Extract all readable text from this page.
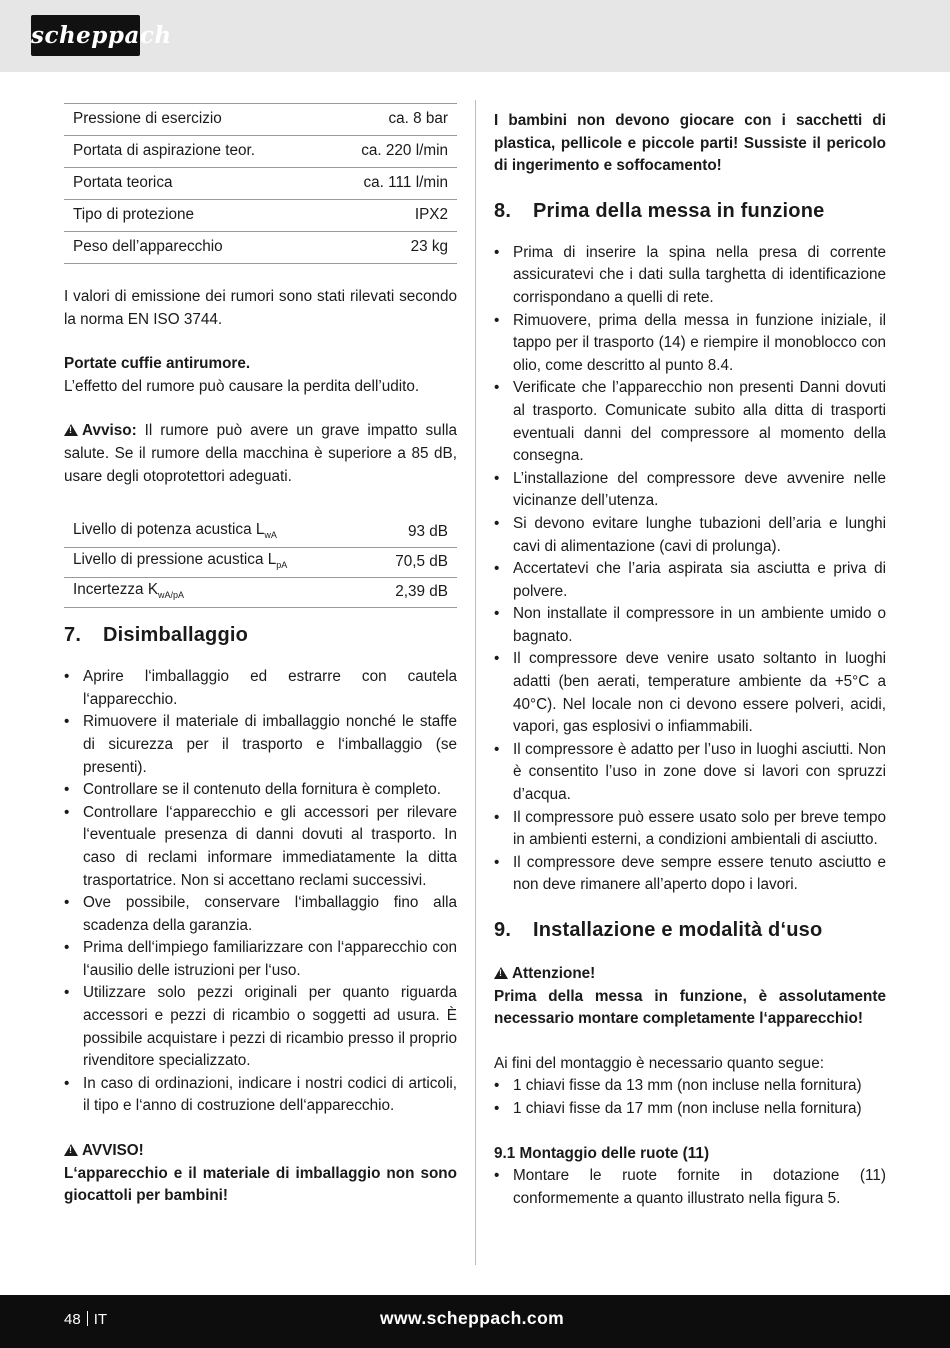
scheppach
Pressione di esercizio	ca. 8 bar
Portata di aspirazione teor.	ca. 220 l/min
Portata teorica	ca. 111 l/min
Tipo di protezione	IPX2
Peso dell’apparecchio	23 kg

I valori di emissione dei rumori sono stati rilevati secondo la norma EN ISO 3744.

Portate cuffie antirumore.

L’effetto del rumore può causare la perdita dell’udito.

!Avviso: Il rumore può avere un grave impatto sulla salute. Se il rumore della macchina è superiore a 85 dB, usare degli otoprotettori adeguati.

Livello di potenza acustica $L_{wA}$	93 dB
Livello di pressione acustica $L_{pA}$	70,5 dB
Incertezza $K_{wA/pA}$	2,39 dB
7. Disimballaggio
• Aprire l‘imballaggio ed estrarre con cautela l‘apparecchio.
• Rimuovere il materiale di imballaggio nonché le staffe di sicurezza per il trasporto e l‘imballaggio (se presenti).
• Controllare se il contenuto della fornitura è completo.
• Controllare l‘apparecchio e gli accessori per rilevare l‘eventuale presenza di danni dovuti al trasporto. In caso di reclami informare immediatamente la ditta trasportatrice. Non si accettano reclami successivi.
• Ove possibile, conservare l‘imballaggio fino alla scadenza della garanzia.
• Prima dell‘impiego familiarizzare con l‘apparecchio con l‘ausilio delle istruzioni per l‘uso.
• Utilizzare solo pezzi originali per quanto riguarda accessori e pezzi di ricambio o soggetti ad usura. È possibile acquistare i pezzi di ricambio presso il proprio rivenditore specializzato.
• In caso di ordinazioni, indicare i nostri codici di articoli, il tipo e l‘anno di costruzione dell‘apparecchio.

!AVVISO!

L‘apparecchio e il materiale di imballaggio non sono giocattoli per bambini!

I bambini non devono giocare con i sacchetti di plastica, pellicole e piccole parti! Sussiste il pericolo di ingerimento e soffocamento!

8. Prima della messa in funzione
• Prima di inserire la spina nella presa di corrente assicuratevi che i dati sulla targhetta di identificazione corrispondano a quelli di rete.
• Rimuovere, prima della messa in funzione iniziale, il tappo per il trasporto (14) e riempire il monoblocco con olio, come descritto al punto 8.4.
• Verificate che l’apparecchio non presenti Danni dovuti al trasporto. Comunicate subito alla ditta di trasporti eventuali danni del compressore al momento della consegna.
• L’installazione del compressore deve avvenire nelle vicinanze dell’utenza.
• Si devono evitare lunghe tubazioni dell’aria e lunghi cavi di alimentazione (cavi di prolunga).
• Accertatevi che l’aria aspirata sia asciutta e priva di polvere.
• Non installate il compressore in un ambiente umido o bagnato.
• Il compressore deve venire usato soltanto in luoghi adatti (ben aerati, temperature ambiente da +5°C a 40°C). Nel locale non ci devono essere polveri, acidi, vapori, gas esplosivi o infiammabili.
• Il compressore è adatto per l’uso in luoghi asciutti. Non è consentito l’uso in zone dove si lavori con spruzzi d’acqua.
• Il compressore può essere usato solo per breve tempo in ambienti esterni, a condizioni ambientali di asciutto.
• Il compressore deve sempre essere tenuto asciutto e non deve rimanere all’aperto dopo i lavori.
9. Installazione e modalità d‘uso

!Attenzione!

Prima della messa in funzione, è assolutamente necessario montare completamente l‘apparecchio!

Ai fini del montaggio è necessario quanto segue:

• 1 chiavi fisse da 13 mm (non incluse nella fornitura)
• 1 chiavi fisse da 17 mm (non incluse nella fornitura)
9.1 Montaggio delle ruote (11)
• Montare le ruote fornite in dotazione (11) conformemente a quanto illustrato nella figura 5.
48 IT	www.scheppach.com
